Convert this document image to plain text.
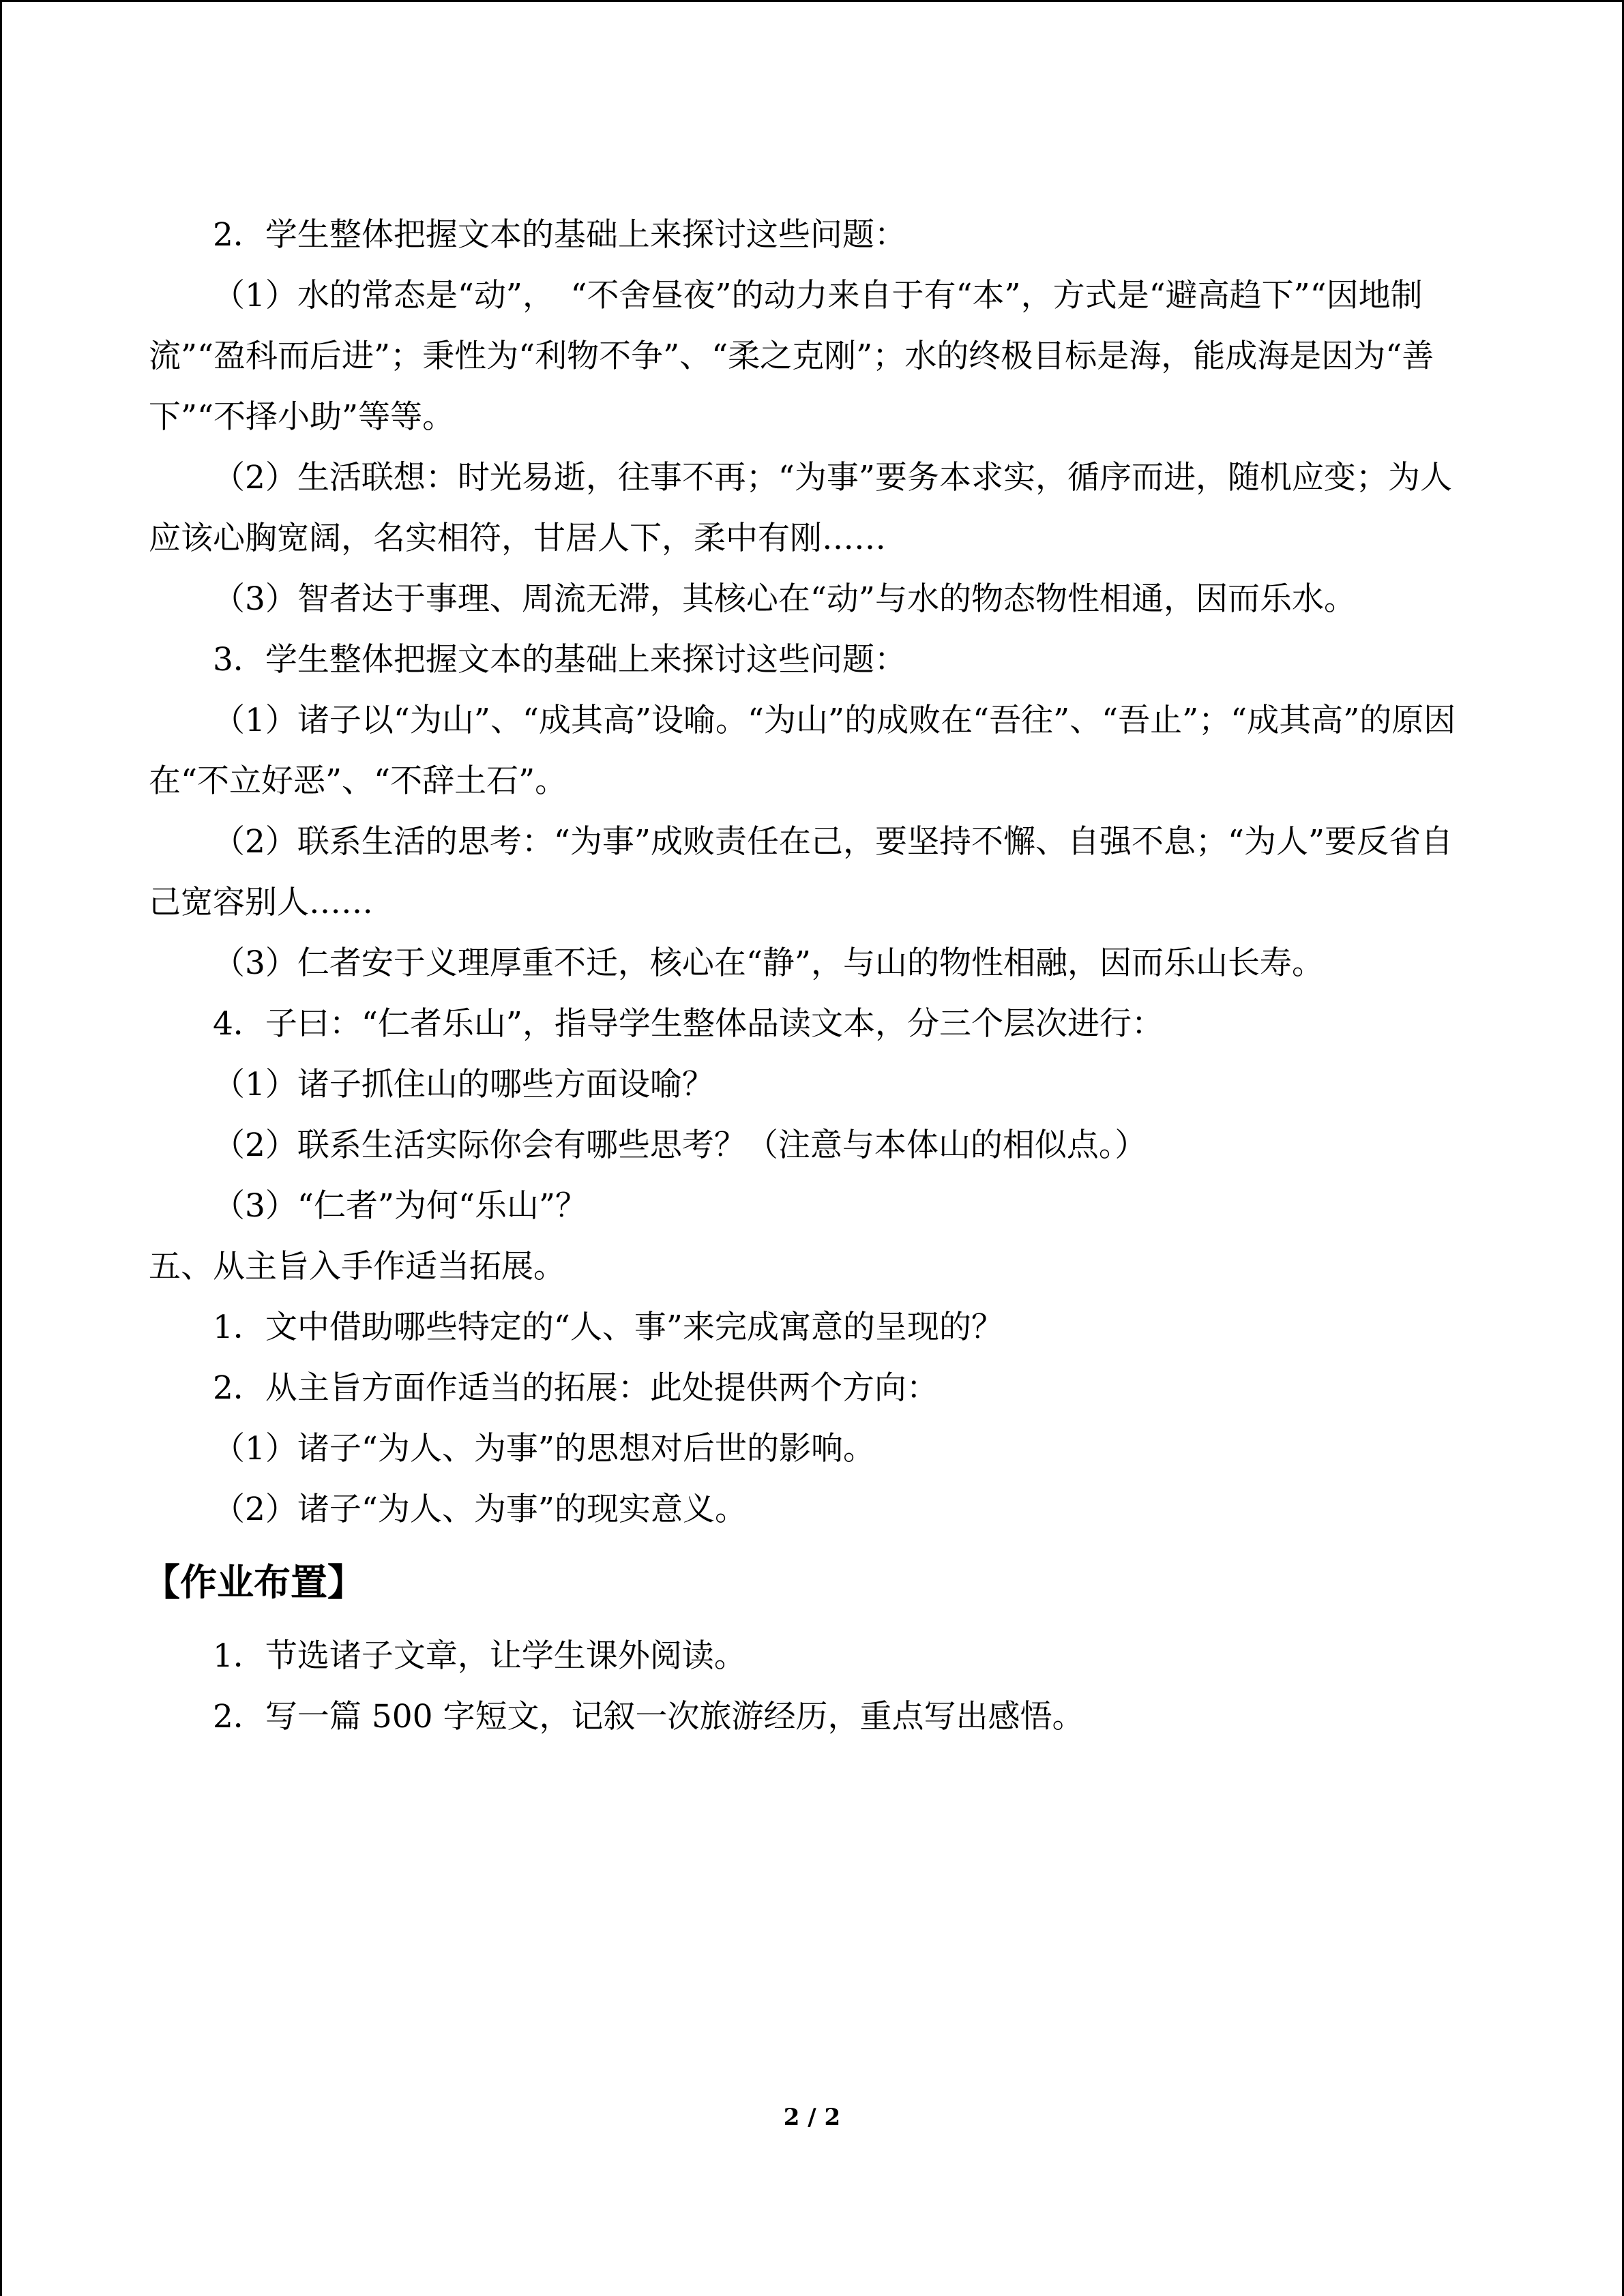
2．学生整体把握文本的基础上来探讨这些问题：

（1）水的常态是“动”，　“不舍昼夜”的动力来自于有“本”，方式是“避高趋下”“因地制流”“盈科而后进”；秉性为“利物不争”、“柔之克刚”；水的终极目标是海，能成海是因为“善下”“不择小助”等等。

（2）生活联想：时光易逝，往事不再；“为事”要务本求实，循序而进，随机应变；为人应该心胸宽阔，名实相符，甘居人下，柔中有刚……

（3）智者达于事理、周流无滞，其核心在“动”与水的物态物性相通，因而乐水。

3．学生整体把握文本的基础上来探讨这些问题：

（1）诸子以“为山”、“成其高”设喻。“为山”的成败在“吾往”、“吾止”；“成其高”的原因在“不立好恶”、“不辞土石”。

（2）联系生活的思考：“为事”成败责任在己，要坚持不懈、自强不息；“为人”要反省自己宽容别人……

（3）仁者安于义理厚重不迁，核心在“静”，与山的物性相融，因而乐山长寿。

4．子曰：“仁者乐山”，指导学生整体品读文本，分三个层次进行：

（1）诸子抓住山的哪些方面设喻？

（2）联系生活实际你会有哪些思考？（注意与本体山的相似点。）

（3）“仁者”为何“乐山”？

五、从主旨入手作适当拓展。

1．文中借助哪些特定的“人、事”来完成寓意的呈现的？

2．从主旨方面作适当的拓展：此处提供两个方向：

（1）诸子“为人、为事”的思想对后世的影响。

（2）诸子“为人、为事”的现实意义。

【作业布置】

1．节选诸子文章，让学生课外阅读。

2．写一篇 500 字短文，记叙一次旅游经历，重点写出感悟。

2 / 2
